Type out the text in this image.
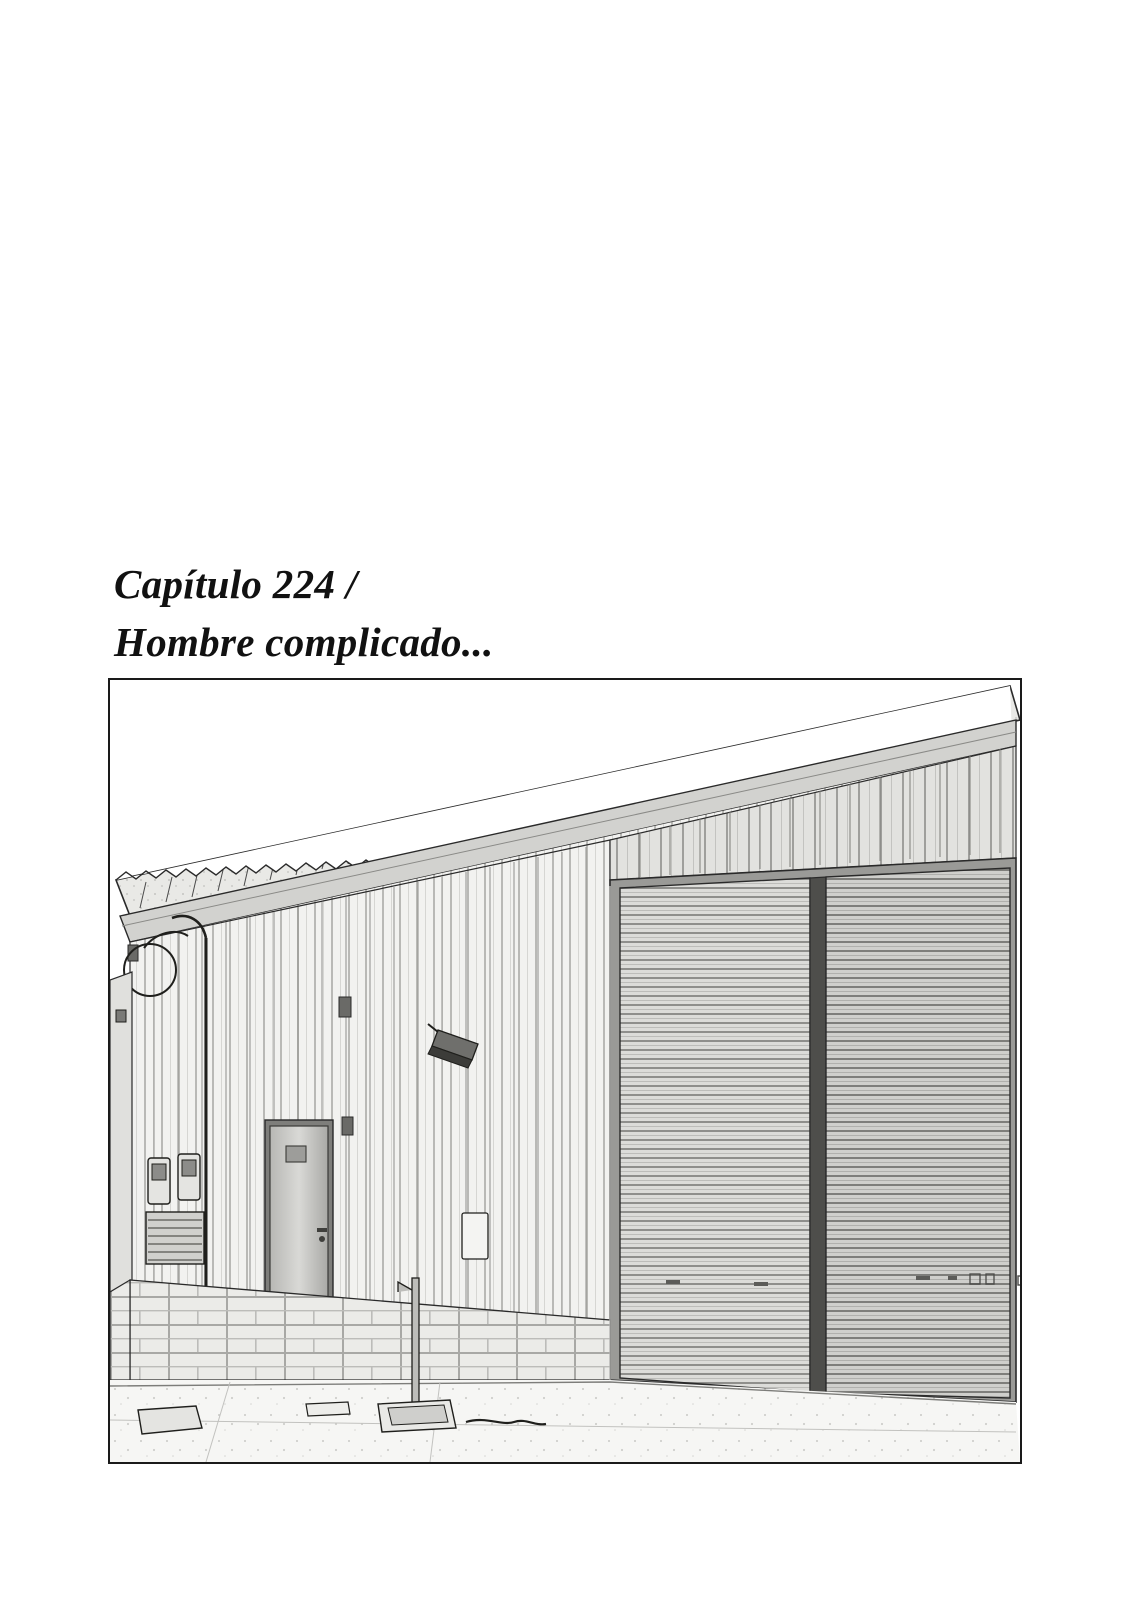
Capítulo 224 /
Hombre complicado...
